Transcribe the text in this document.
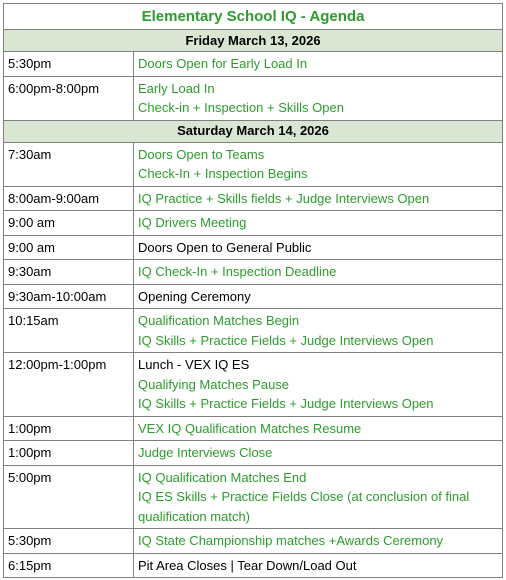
Elementary School IQ - Agenda	
Friday March 13, 2026	
5:30pm	Doors Open for Early Load In

6:00pm-8:00pm	Early Load In
Check-in + Inspection + Skills Open

Saturday March 14, 2026	
7:30am	Doors Open to Teams
Check-In + Inspection Begins

8:00am-9:00am	IQ Practice + Skills fields + Judge Interviews Open

9:00 am	IQ Drivers Meeting

9:00 am	Doors Open to General Public

9:30am	IQ Check-In + Inspection Deadline

9:30am-10:00am	Opening Ceremony

10:15am	Qualification Matches Begin
IQ Skills + Practice Fields + Judge Interviews Open

12:00pm-1:00pm	Lunch - VEX IQ ES
Qualifying Matches Pause
IQ Skills + Practice Fields + Judge Interviews Open

1:00pm	VEX IQ Qualification Matches Resume

1:00pm	Judge Interviews Close

5:00pm	IQ Qualification Matches End
IQ ES Skills + Practice Fields Close (at conclusion of final qualification match)

5:30pm	IQ State Championship matches +Awards Ceremony

6:15pm	Pit Area Closes | Tear Down/Load Out
